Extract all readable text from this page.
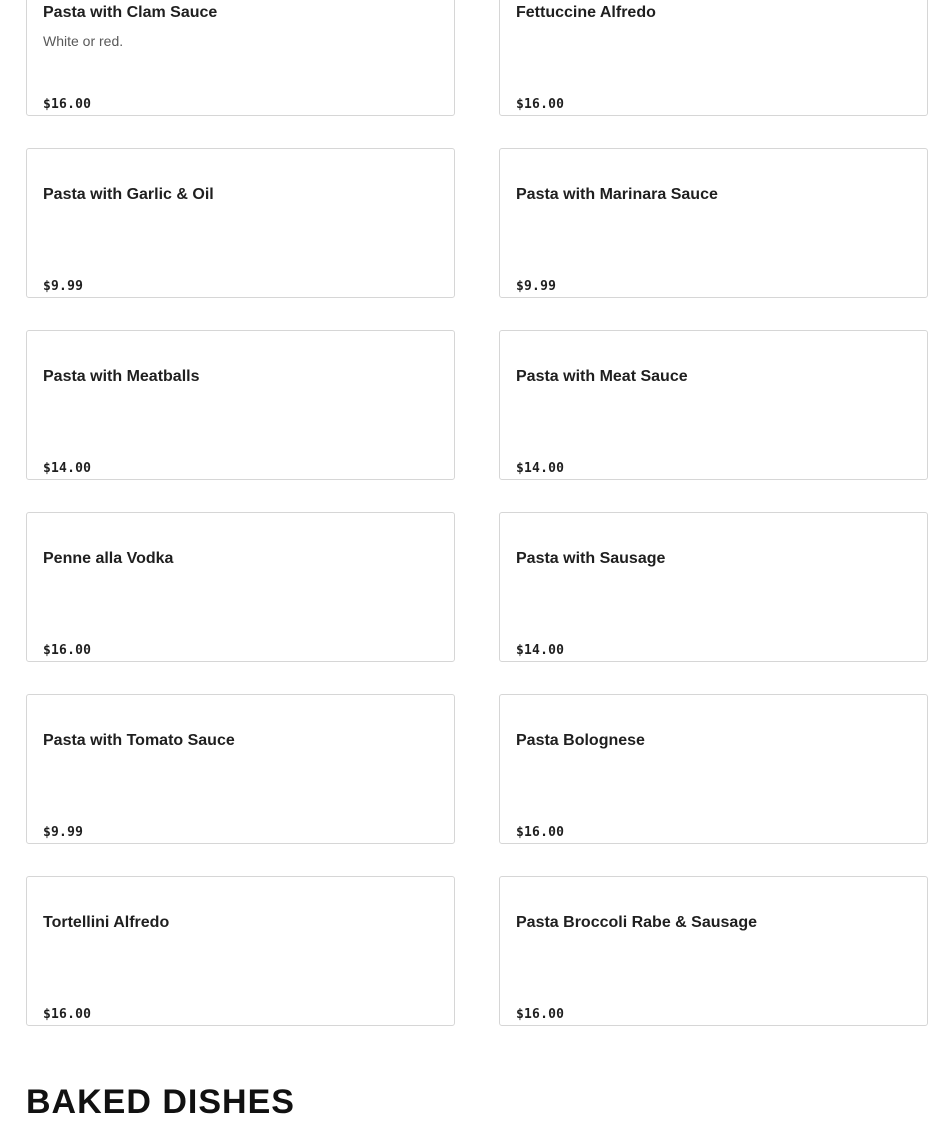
Pasta with Clam Sauce
White or red.
$16.00
Fettuccine Alfredo
$16.00
Pasta with Garlic & Oil
$9.99
Pasta with Marinara Sauce
$9.99
Pasta with Meatballs
$14.00
Pasta with Meat Sauce
$14.00
Penne alla Vodka
$16.00
Pasta with Sausage
$14.00
Pasta with Tomato Sauce
$9.99
Pasta Bolognese
$16.00
Tortellini Alfredo
$16.00
Pasta Broccoli Rabe & Sausage
$16.00
BAKED DISHES
